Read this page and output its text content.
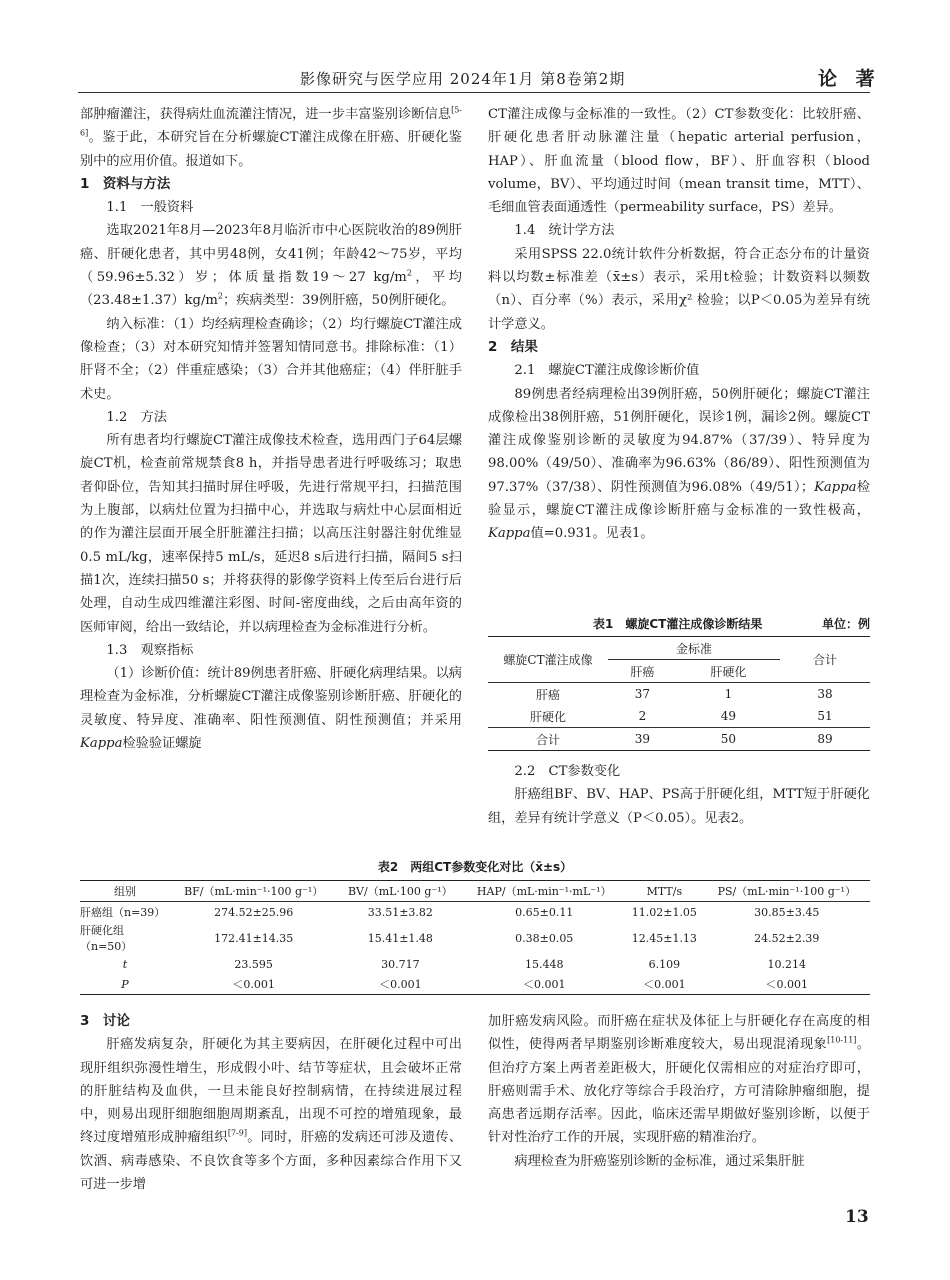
影像研究与医学应用 2024年1月 第8卷第2期	论 著

部肿瘤灌注，获得病灶血流灌注情况，进一步丰富鉴别诊断信息[5-6]。鉴于此，本研究旨在分析螺旋CT灌注成像在肝癌、肝硬化鉴别中的应用价值。报道如下。

1　资料与方法

1.1　一般资料

选取2021年8月—2023年8月临沂市中心医院收治的89例肝癌、肝硬化患者，其中男48例，女41例；年龄42～75岁，平均（59.96±5.32）岁；体质量指数19～27 $kg/m^2$，平均$(23.48\pm 1.37)kg/m^2$；疾病类型：39例肝癌，50例肝硬化。

纳入标准：（1）均经病理检查确诊；（2）均行螺旋CT灌注成像检查；（3）对本研究知情并签署知情同意书。排除标准：（1）肝肾不全；（2）伴重症感染；（3）合并其他癌症；（4）伴肝脏手术史。

1.2　方法

所有患者均行螺旋CT灌注成像技术检查，选用西门子64层螺旋CT机，检查前常规禁食8 h，并指导患者进行呼吸练习；取患者仰卧位，告知其扫描时屏住呼吸，先进行常规平扫，扫描范围为上腹部，以病灶位置为扫描中心，并选取与病灶中心层面相近的作为灌注层面开展全肝脏灌注扫描；以高压注射器注射优维显0.5 mL/kg，速率保持5 mL/s，延迟8 s后进行扫描，隔间5 s扫描1次，连续扫描50 s；并将获得的影像学资料上传至后台进行后处理，自动生成四维灌注彩图、时间-密度曲线，之后由高年资的医师审阅，给出一致结论，并以病理检查为金标准进行分析。

1.3　观察指标

（1）诊断价值：统计89例患者肝癌、肝硬化病理结果。以病理检查为金标准，分析螺旋CT灌注成像鉴别诊断肝癌、肝硬化的灵敏度、特异度、准确率、阳性预测值、阴性预测值；并采用Kappa检验验证螺旋

CT灌注成像与金标准的一致性。（2）CT参数变化：比较肝癌、肝硬化患者肝动脉灌注量（hepatic arterial perfusion，HAP）、肝血流量（blood flow，BF）、肝血容积（blood volume，BV）、平均通过时间（mean transit time，MTT）、毛细血管表面通透性（permeability surface，PS）差异。

1.4　统计学方法

采用SPSS 22.0统计软件分析数据，符合正态分布的计量资料以均数±标准差（x̄±s）表示，采用t检验；计数资料以频数（n）、百分率（%）表示，采用χ² 检验；以P＜0.05为差异有统计学意义。

2　结果

2.1　螺旋CT灌注成像诊断价值

89例患者经病理检出39例肝癌，50例肝硬化；螺旋CT灌注成像检出38例肝癌，51例肝硬化，误诊1例，漏诊2例。螺旋CT灌注成像鉴别诊断的灵敏度为94.87%（37/39）、特异度为98.00%（49/50）、准确率为96.63%（86/89）、阳性预测值为97.37%（37/38）、阴性预测值为96.08%（49/51）；Kappa检验显示，螺旋CT灌注成像诊断肝癌与金标准的一致性极高，Kappa值=0.931。见表1。

表1　螺旋CT灌注成像诊断结果	单位：例
螺旋CT灌注成像	金标准		合计
	肝癌	肝硬化	
肝癌	37	1	38
肝硬化	2	49	51
合计	39	50	89

2.2　CT参数变化

肝癌组BF、BV、HAP、PS高于肝硬化组，MTT短于肝硬化组，差异有统计学意义（P＜0.05）。见表2。

表2　两组CT参数变化对比（x̄±s）
组别	BF/（mL·min⁻¹·100 g⁻¹）	BV/（mL·100 g⁻¹）	HAP/（mL·min⁻¹·mL⁻¹）	MTT/s	PS/（mL·min⁻¹·100 g⁻¹）
肝癌组（n=39）	274.52±25.96	33.51±3.82	0.65±0.11	11.02±1.05	30.85±3.45
肝硬化组（n=50）	172.41±14.35	15.41±1.48	0.38±0.05	12.45±1.13	24.52±2.39
t	23.595	30.717	15.448	6.109	10.214
P	＜0.001	＜0.001	＜0.001	＜0.001	＜0.001

3　讨论

肝癌发病复杂，肝硬化为其主要病因，在肝硬化过程中可出现肝组织弥漫性增生，形成假小叶、结节等症状，且会破坏正常的肝脏结构及血供，一旦未能良好控制病情，在持续进展过程中，则易出现肝细胞细胞周期紊乱，出现不可控的增殖现象，最终过度增殖形成肿瘤组织[7-9]。同时，肝癌的发病还可涉及遗传、饮酒、病毒感染、不良饮食等多个方面，多种因素综合作用下又可进一步增

加肝癌发病风险。而肝癌在症状及体征上与肝硬化存在高度的相似性，使得两者早期鉴别诊断难度较大，易出现混淆现象[10-11]。但治疗方案上两者差距极大，肝硬化仅需相应的对症治疗即可，肝癌则需手术、放化疗等综合手段治疗，方可清除肿瘤细胞，提高患者远期存活率。因此，临床还需早期做好鉴别诊断，以便于针对性治疗工作的开展，实现肝癌的精准治疗。

病理检查为肝癌鉴别诊断的金标准，通过采集肝脏

13
